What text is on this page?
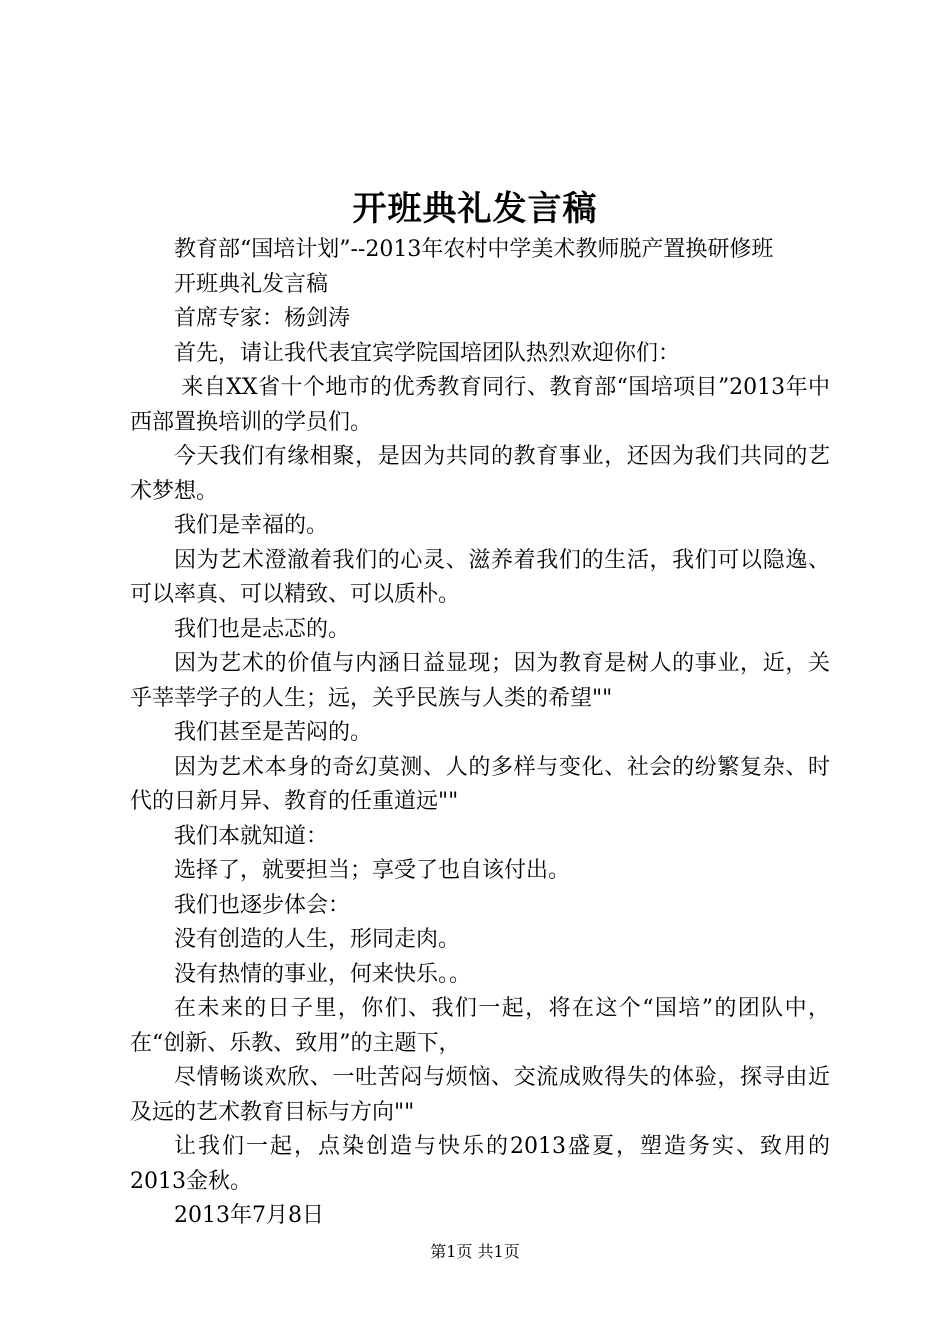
开班典礼发言稿

教育部“国培计划”--2013年农村中学美术教师脱产置换研修班

开班典礼发言稿

首席专家：杨剑涛

首先，请让我代表宜宾学院国培团队热烈欢迎你们：

来自XX省十个地市的优秀教育同行、教育部“国培项目”2013年中西部置换培训的学员们。

今天我们有缘相聚，是因为共同的教育事业，还因为我们共同的艺术梦想。

我们是幸福的。

因为艺术澄澈着我们的心灵、滋养着我们的生活，我们可以隐逸、可以率真、可以精致、可以质朴。

我们也是忐忑的。

因为艺术的价值与内涵日益显现；因为教育是树人的事业，近，关乎莘莘学子的人生；远，关乎民族与人类的希望""

我们甚至是苦闷的。

因为艺术本身的奇幻莫测、人的多样与变化、社会的纷繁复杂、时代的日新月异、教育的任重道远""

我们本就知道：

选择了，就要担当；享受了也自该付出。

我们也逐步体会：

没有创造的人生，形同走肉。

没有热情的事业，何来快乐。。

在未来的日子里，你们、我们一起，将在这个“国培”的团队中，在“创新、乐教、致用”的主题下，

尽情畅谈欢欣、一吐苦闷与烦恼、交流成败得失的体验，探寻由近及远的艺术教育目标与方向""

让我们一起，点染创造与快乐的2013盛夏，塑造务实、致用的2013金秋。

2013年7月8日

第1页 共1页
